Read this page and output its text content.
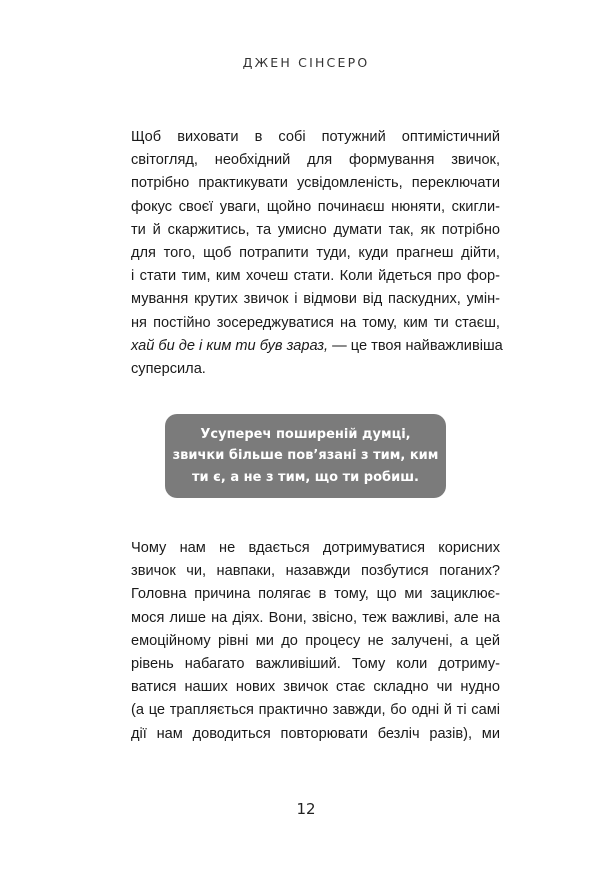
ДЖЕН СІНСЕРО
Щоб виховати в собі потужний оптимістичний
світогляд, необхідний для формування звичок,
потрібно практикувати усвідомленість, переключати
фокус своєї уваги, щойно починаєш нюняти, скигли-
ти й скаржитись, та умисно думати так, як потрібно
для того, щоб потрапити туди, куди прагнеш дійти,
і стати тим, ким хочеш стати. Коли йдеться про фор-
мування крутих звичок і відмови від паскудних, умін-
ня постійно зосереджуватися на тому, ким ти стаєш,
хай би де і ким ти був зараз, — це твоя найважливіша
суперсила.
Усупереч поширеній думці,
звички більше пов’язані з тим, ким
ти є, а не з тим, що ти робиш.
Чому нам не вдається дотримуватися корисних
звичок чи, навпаки, назавжди позбутися поганих?
Головна причина полягає в тому, що ми зациклює-
мося лише на діях. Вони, звісно, теж важливі, але на
емоційному рівні ми до процесу не залучені, а цей
рівень набагато важливіший. Тому коли дотриму-
ватися наших нових звичок стає складно чи нудно
(а це трапляється практично завжди, бо одні й ті самі
дії нам доводиться повторювати безліч разів), ми
12
